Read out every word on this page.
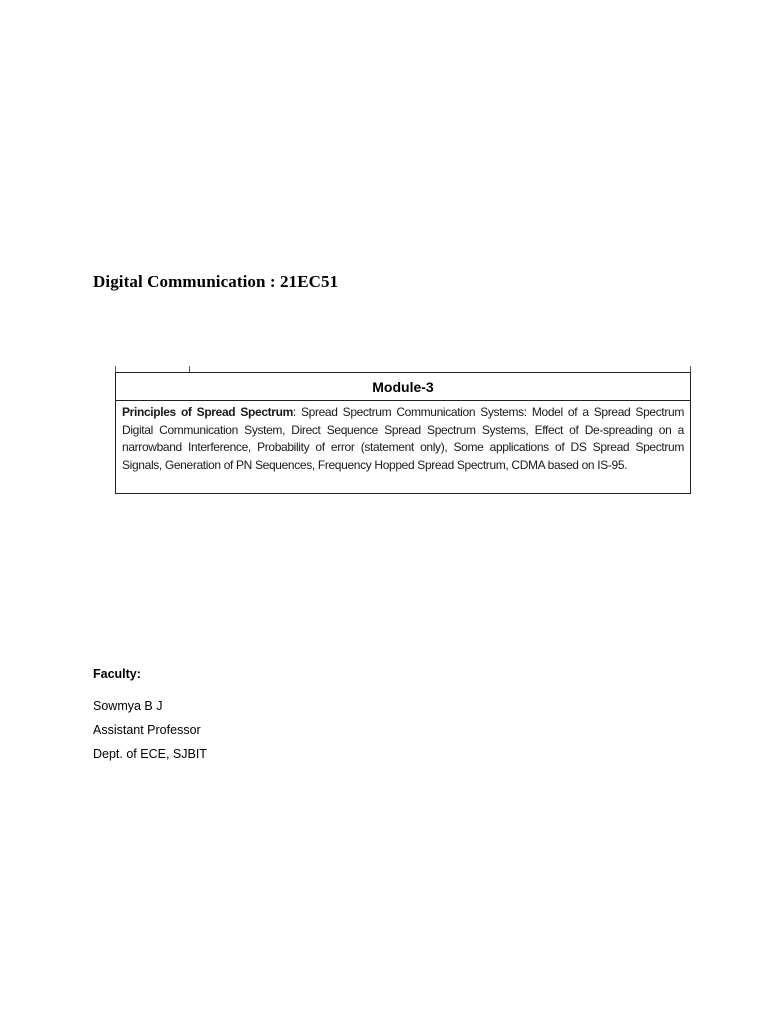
Digital Communication : 21EC51
Module-3
Principles of Spread Spectrum: Spread Spectrum Communication Systems: Model of a Spread Spectrum Digital Communication System, Direct Sequence Spread Spectrum Systems, Effect of De-spreading on a narrowband Interference, Probability of error (statement only), Some applications of DS Spread Spectrum Signals, Generation of PN Sequences, Frequency Hopped Spread Spectrum, CDMA based on IS-95.
Faculty:
Sowmya B J
Assistant Professor
Dept. of ECE, SJBIT
